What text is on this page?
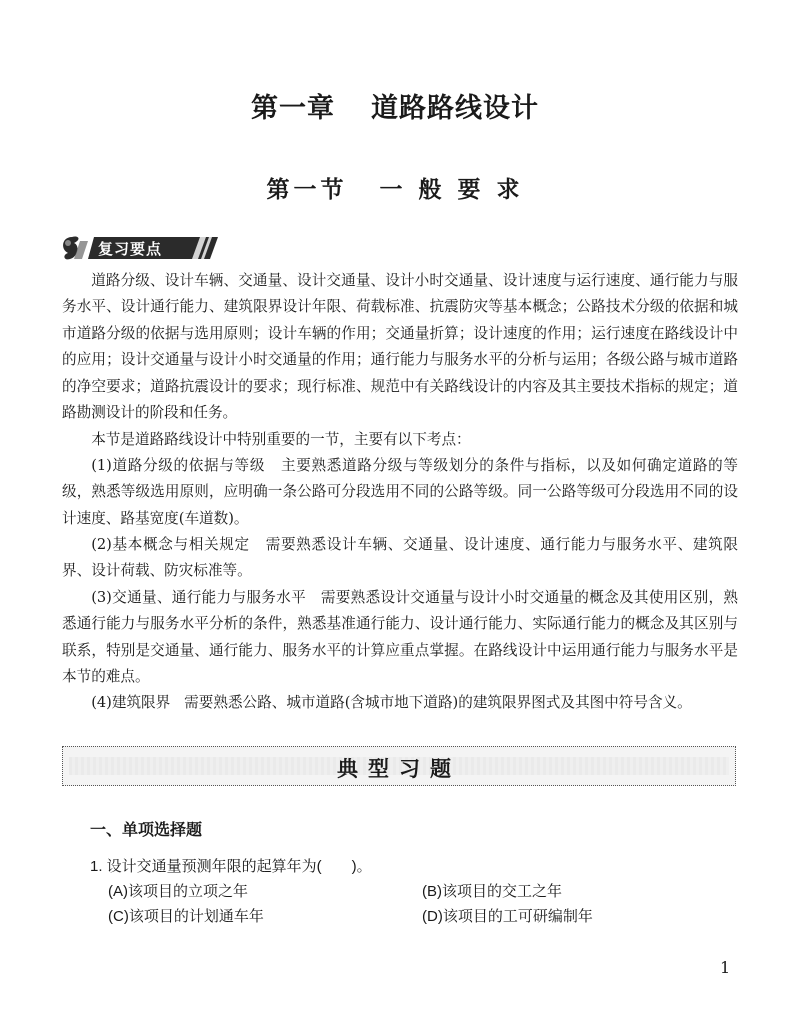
第一章 道路路线设计
第一节 一 般 要 求
复习要点

道路分级、设计车辆、交通量、设计交通量、设计小时交通量、设计速度与运行速度、通行能力与服务水平、设计通行能力、建筑限界设计年限、荷载标准、抗震防灾等基本概念；公路技术分级的依据和城市道路分级的依据与选用原则；设计车辆的作用；交通量折算；设计速度的作用；运行速度在路线设计中的应用；设计交通量与设计小时交通量的作用；通行能力与服务水平的分析与运用；各级公路与城市道路的净空要求；道路抗震设计的要求；现行标准、规范中有关路线设计的内容及其主要技术指标的规定；道路勘测设计的阶段和任务。

本节是道路路线设计中特别重要的一节，主要有以下考点：

(1)道路分级的依据与等级 主要熟悉道路分级与等级划分的条件与指标，以及如何确定道路的等级，熟悉等级选用原则，应明确一条公路可分段选用不同的公路等级。同一公路等级可分段选用不同的设计速度、路基宽度(车道数)。

(2)基本概念与相关规定 需要熟悉设计车辆、交通量、设计速度、通行能力与服务水平、建筑限界、设计荷载、防灾标准等。

(3)交通量、通行能力与服务水平 需要熟悉设计交通量与设计小时交通量的概念及其使用区别，熟悉通行能力与服务水平分析的条件，熟悉基准通行能力、设计通行能力、实际通行能力的概念及其区别与联系，特别是交通量、通行能力、服务水平的计算应重点掌握。在路线设计中运用通行能力与服务水平是本节的难点。

(4)建筑限界 需要熟悉公路、城市道路(含城市地下道路)的建筑限界图式及其图中符号含义。

典型习题
一、单项选择题
1. 设计交通量预测年限的起算年为(　　)。
(A)该项目的立项之年	(B)该项目的交工之年
(C)该项目的计划通车年	(D)该项目的工可研编制年
1
